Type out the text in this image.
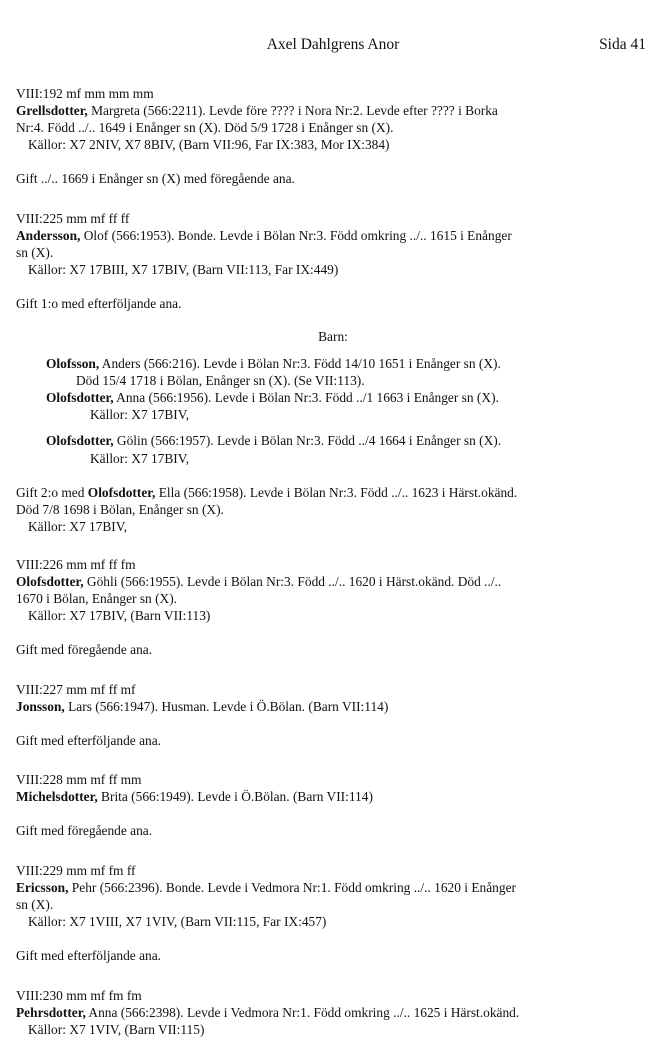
Axel Dahlgrens Anor	Sida 41
VIII:192 mf mm mm mm
Grellsdotter, Margreta (566:2211). Levde före ???? i Nora Nr:2. Levde efter ???? i Borka
Nr:4. Född ../.. 1649 i Enånger sn (X). Död 5/9 1728 i Enånger sn (X).
Källor: X7 2NIV, X7 8BIV, (Barn VII:96, Far IX:383, Mor IX:384)
Gift ../.. 1669 i Enånger sn (X) med föregående ana.
VIII:225 mm mf ff ff
Andersson, Olof (566:1953). Bonde. Levde i Bölan Nr:3. Född omkring ../.. 1615 i Enånger
sn (X).
Källor: X7 17BIII, X7 17BIV, (Barn VII:113, Far IX:449)
Gift 1:o med efterföljande ana.
Barn:
Olofsson, Anders (566:216). Levde i Bölan Nr:3. Född 14/10 1651 i Enånger sn (X).
Död 15/4 1718 i Bölan, Enånger sn (X). (Se VII:113).
Olofsdotter, Anna (566:1956). Levde i Bölan Nr:3. Född ../1 1663 i Enånger sn (X).
Källor: X7 17BIV,
Olofsdotter, Gölin (566:1957). Levde i Bölan Nr:3. Född ../4 1664 i Enånger sn (X).
Källor: X7 17BIV,
Gift 2:o med Olofsdotter, Ella (566:1958). Levde i Bölan Nr:3. Född ../.. 1623 i Härst.okänd.
Död 7/8 1698 i Bölan, Enånger sn (X).
Källor: X7 17BIV,
VIII:226 mm mf ff fm
Olofsdotter, Göhli (566:1955). Levde i Bölan Nr:3. Född ../.. 1620 i Härst.okänd. Död ../..
1670 i Bölan, Enånger sn (X).
Källor: X7 17BIV, (Barn VII:113)
Gift med föregående ana.
VIII:227 mm mf ff mf
Jonsson, Lars (566:1947). Husman. Levde i Ö.Bölan. (Barn VII:114)
Gift med efterföljande ana.
VIII:228 mm mf ff mm
Michelsdotter, Brita (566:1949). Levde i Ö.Bölan. (Barn VII:114)
Gift med föregående ana.
VIII:229 mm mf fm ff
Ericsson, Pehr (566:2396). Bonde. Levde i Vedmora Nr:1. Född omkring ../.. 1620 i Enånger
sn (X).
Källor: X7 1VIII, X7 1VIV, (Barn VII:115, Far IX:457)
Gift med efterföljande ana.
VIII:230 mm mf fm fm
Pehrsdotter, Anna (566:2398). Levde i Vedmora Nr:1. Född omkring ../.. 1625 i Härst.okänd.
Källor: X7 1VIV, (Barn VII:115)
